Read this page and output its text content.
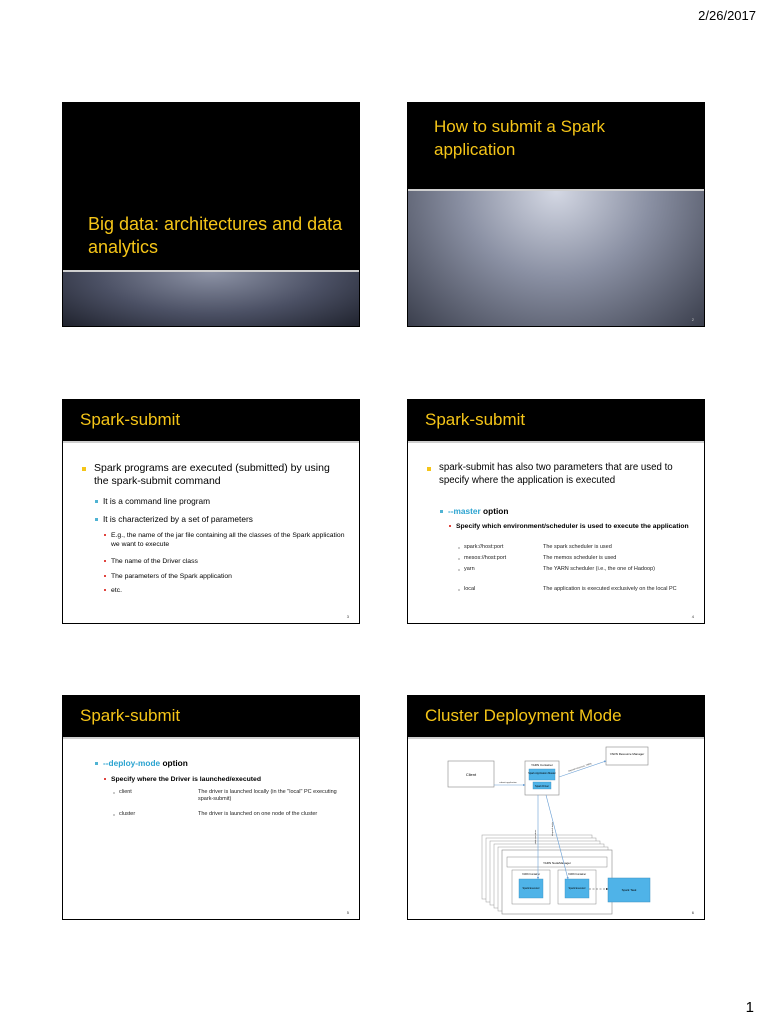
2/26/2017
Big data: architectures and data analytics
How to submit a Spark application
2
Spark-submit
Spark programs are executed (submitted) by using the spark-submit command
It is a command line program
It is characterized by a set of parameters
E.g., the name of the jar file containing all the classes of the Spark application we want to execute
The name of the Driver class
The parameters of the Spark application
etc.
3
Spark-submit
spark-submit has also two parameters that are used to specify where the application is executed
--master option
Specify which environment/scheduler is used to execute the application
spark://host:port	The spark scheduler is used
mesos://host:port	The memos scheduler is used
yarn	The YARN scheduler (i.e., the one of Hadoop)
local	The application is executed exclusively on the local PC
4
Spark-submit
--deploy-mode option
Specify where the Driver is launched/executed
client	The driver is launched locally (in the "local" PC executing spark-submit)
cluster	The driver is launched on one node of the cluster
5
Cluster Deployment Mode
Client
YARN Container
Spark Application Master
Spark Driver
YARN Resource Manager
submit application
request resources, YARN
YARN NodeManager
YARN Container
Spark Executor
YARN Container
Spark Executor
start executors
dispatch tasks
Spark Task
6
1
